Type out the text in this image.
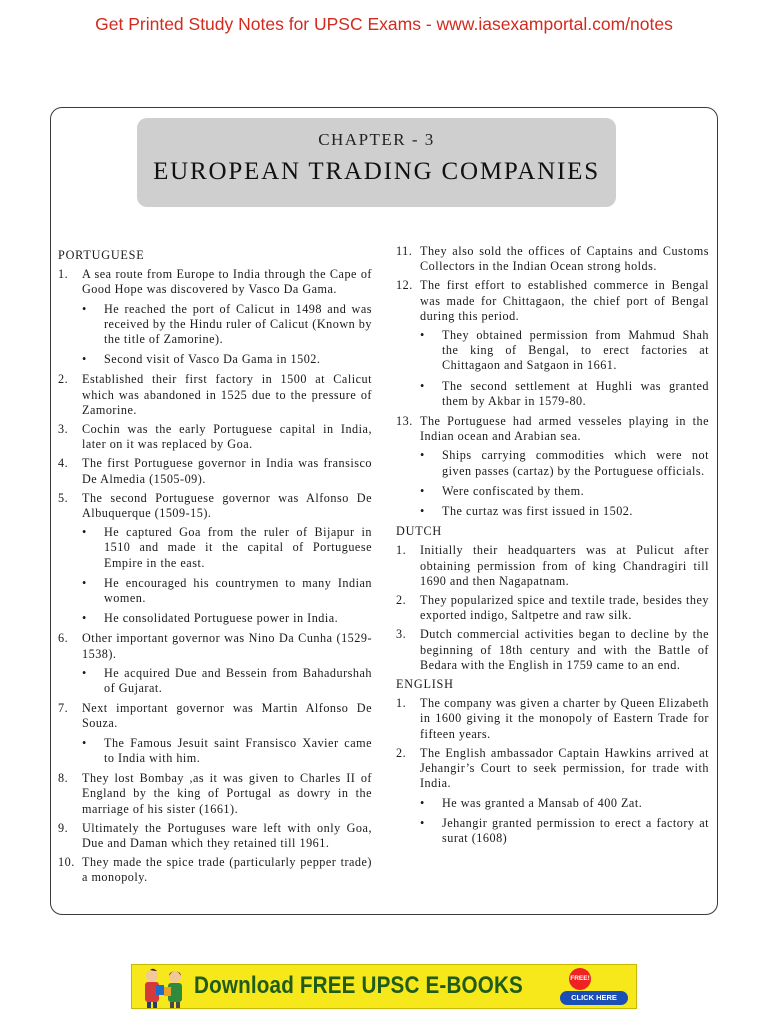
Get Printed Study Notes for UPSC Exams - www.iasexamportal.com/notes
CHAPTER - 3
EUROPEAN TRADING COMPANIES
PORTUGUESE
1.	A sea route from Europe to India through the Cape of Good Hope was discovered by Vasco Da Gama.
•	He reached the port of Calicut in 1498 and was received by the Hindu ruler of Calicut (Known by the title of Zamorine).
•	Second visit of Vasco Da Gama in 1502.
2.	Established their first factory in 1500 at Calicut which was abandoned in 1525 due to the pressure of Zamorine.
3.	Cochin was the early Portuguese capital in India, later on it was replaced by Goa.
4.	The first Portuguese governor in India was fransisco De Almedia (1505-09).
5.	The second Portuguese governor was Alfonso De Albuquerque (1509-15).
•	He captured Goa from the ruler of Bijapur in 1510 and made it the capital of Portuguese Empire in the east.
•	He encouraged his countrymen to many Indian women.
•	He consolidated Portuguese power in India.
6.	Other important governor was Nino Da Cunha (1529-1538).
•	He acquired Due and Bessein from Bahadurshah of Gujarat.
7.	Next important governor was Martin Alfonso De Souza.
•	The Famous Jesuit saint Fransisco Xavier came to India with him.
8.	They lost Bombay ,as it was given to Charles II of England by the king of Portugal as dowry in the marriage of his sister (1661).
9.	Ultimately the Portuguses ware left with only Goa, Due and Daman which they retained till 1961.
10. They made the spice trade (particularly pepper trade) a monopoly.
11. They also sold the offices of Captains and Customs Collectors in the Indian Ocean strong holds.
12. The first effort to established commerce in Bengal was made for Chittagaon, the chief port of Bengal during this period.
•	They obtained permission from Mahmud Shah the king of Bengal, to erect factories at Chittagaon and Satgaon in 1661.
•	The second settlement at Hughli was granted them by Akbar in 1579-80.
13. The Portuguese had armed vesseles playing in the Indian ocean and Arabian sea.
•	Ships carrying commodities which were not given passes (cartaz) by the Portuguese officials.
•	Were confiscated by them.
•	The curtaz was first issued in 1502.
DUTCH
1.	Initially their headquarters was at Pulicut after obtaining permission from of king Chandragiri till 1690 and then Nagapatnam.
2.	They popularized spice and textile trade, besides they exported indigo, Saltpetre and raw silk.
3.	Dutch commercial activities began to decline by the beginning of 18th century and with the Battle of Bedara with the English in 1759 came to an end.
ENGLISH
1.	The company was given a charter by Queen Elizabeth in 1600 giving it the monopoly of Eastern Trade for fifteen years.
2.	The English ambassador Captain Hawkins arrived at Jehangir’s Court to seek permission, for trade with India.
•	He was granted a Mansab of 400 Zat.
•	Jehangir granted permission to erect a factory at surat (1608)
Download FREE UPSC E-BOOKS	FREE!
CLICK HERE
